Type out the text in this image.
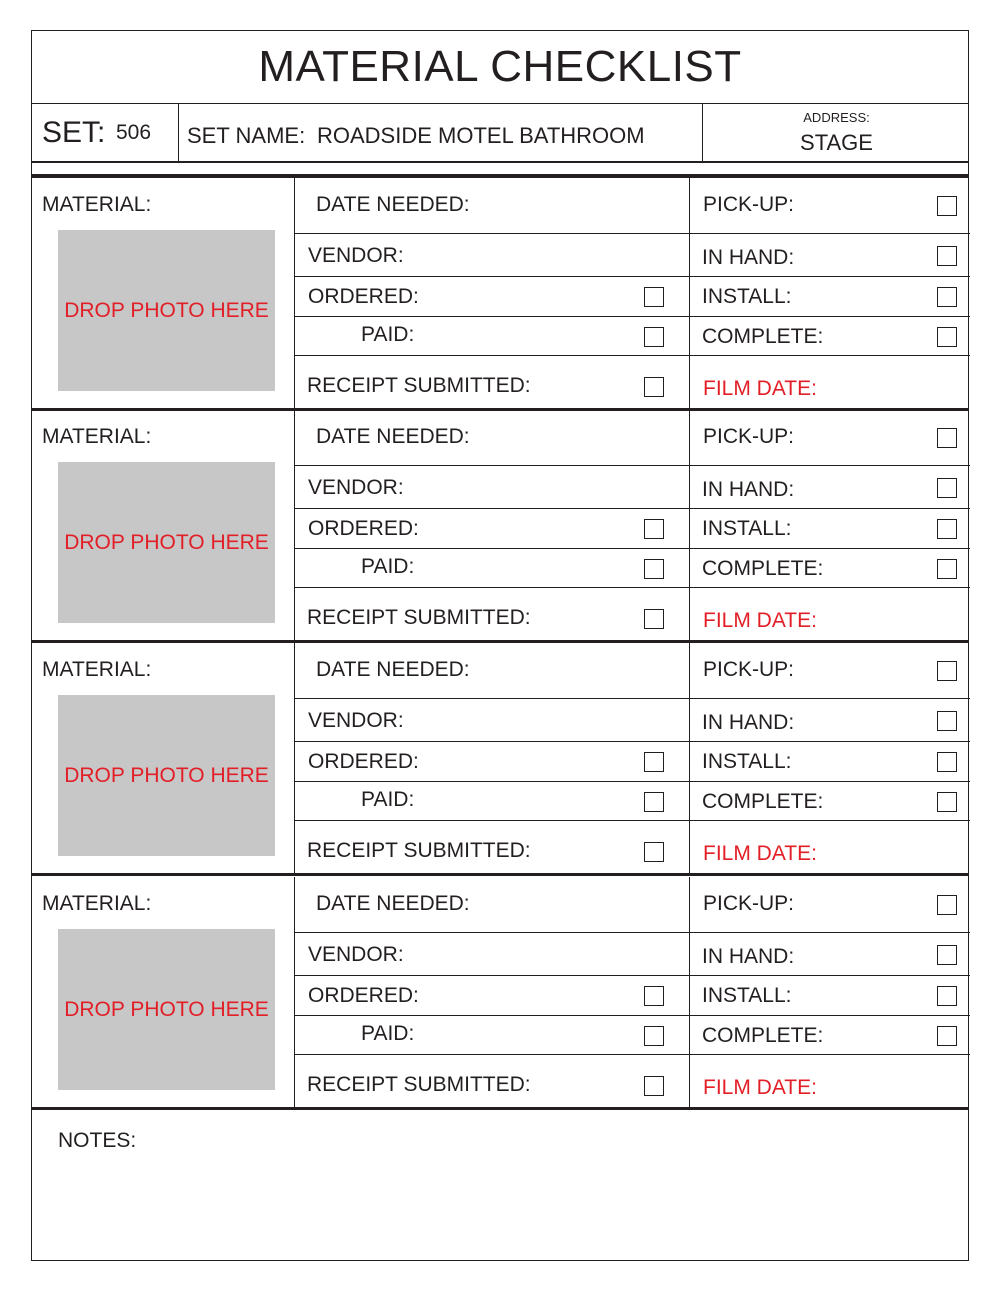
MATERIAL CHECKLIST
SET: 506 SET NAME: ROADSIDE MOTEL BATHROOM
ADDRESS:
STAGE
MATERIAL:
DROP PHOTO HERE
DATE NEEDED:
VENDOR:
ORDERED:
PAID:
RECEIPT SUBMITTED:
PICK-UP:
IN HAND:
INSTALL:
COMPLETE:
FILM DATE:
MATERIAL:
DROP PHOTO HERE
DATE NEEDED:
VENDOR:
ORDERED:
PAID:
RECEIPT SUBMITTED:
PICK-UP:
IN HAND:
INSTALL:
COMPLETE:
FILM DATE:
MATERIAL:
DROP PHOTO HERE
DATE NEEDED:
VENDOR:
ORDERED:
PAID:
RECEIPT SUBMITTED:
PICK-UP:
IN HAND:
INSTALL:
COMPLETE:
FILM DATE:
MATERIAL:
DROP PHOTO HERE
DATE NEEDED:
VENDOR:
ORDERED:
PAID:
RECEIPT SUBMITTED:
PICK-UP:
IN HAND:
INSTALL:
COMPLETE:
FILM DATE:
NOTES:
